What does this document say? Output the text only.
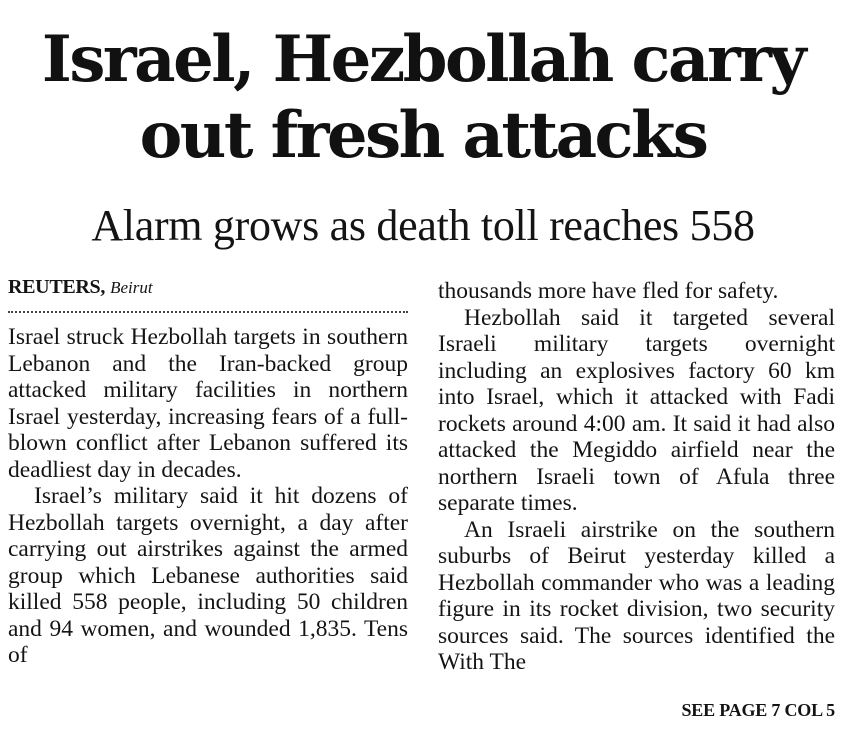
Israel, Hezbollah carry
out fresh attacks
Alarm grows as death toll reaches 558
REUTERS, Beirut

Israel struck Hezbollah targets in southern Lebanon and the Iran-backed group attacked military facilities in northern Israel yesterday, increasing fears of a full-blown conflict after Lebanon suffered its deadliest day in decades.

Israel’s military said it hit dozens of Hezbollah targets overnight, a day after carrying out airstrikes against the armed group which Lebanese authorities said killed 558 people, including 50 children and 94 women, and wounded 1,835. Tens of

thousands more have fled for safety.

Hezbollah said it targeted several Israeli military targets overnight including an explosives factory 60 km into Israel, which it attacked with Fadi rockets around 4:00 am. It said it had also attacked the Megiddo airfield near the northern Israeli town of Afula three separate times.

An Israeli airstrike on the southern suburbs of Beirut yesterday killed a Hezbollah commander who was a leading figure in its rocket division, two security sources said. The sources identified the With The

SEE PAGE 7 COL 5
